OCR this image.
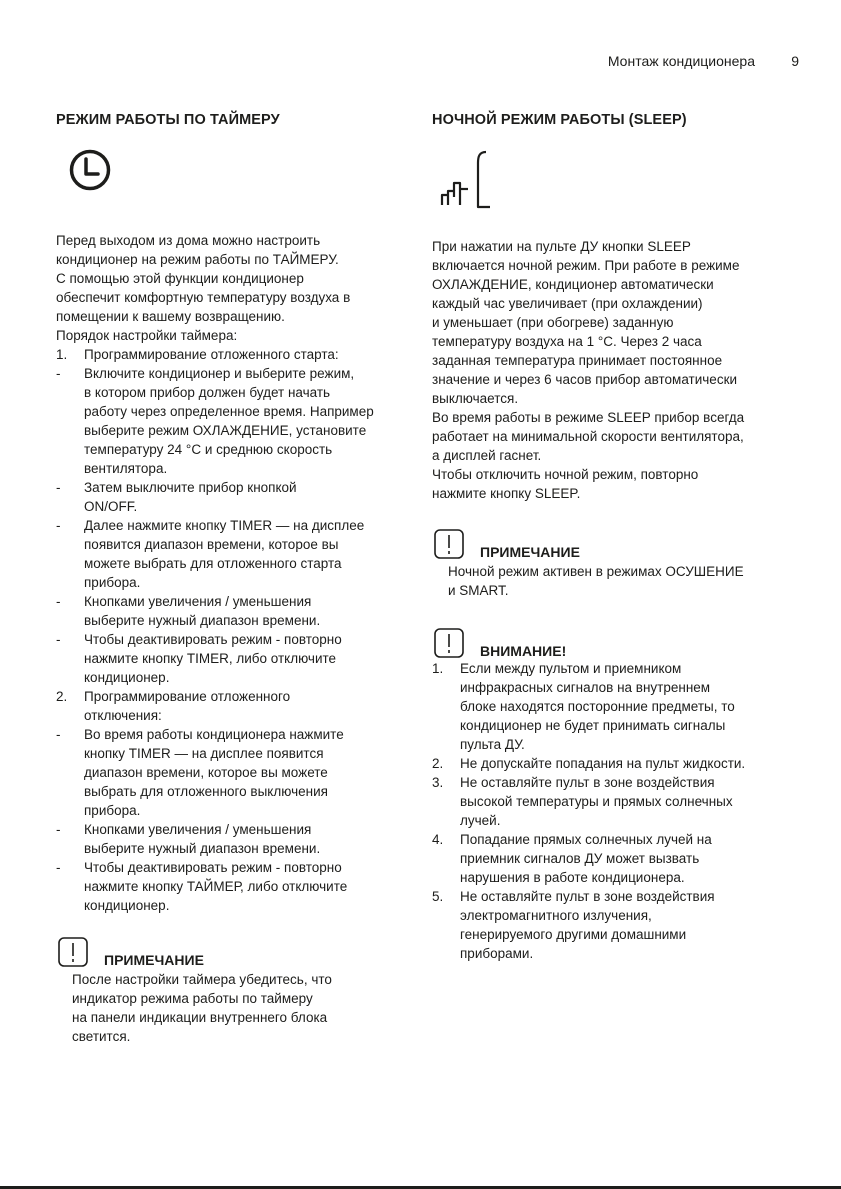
Монтаж кондиционера	9
РЕЖИМ РАБОТЫ ПО ТАЙМЕРУ
Перед выходом из дома можно настроить
кондиционер на режим работы по ТАЙМЕРУ.
С помощью этой функции кондиционер
обеспечит комфортную температуру воздуха в
помещении к вашему возвращению.
Порядок настройки таймера:
1. Программирование отложенного старта:
- Включите кондиционер и выберите режим,
в котором прибор должен будет начать
работу через определенное время. Например
выберите режим ОХЛАЖДЕНИЕ, установите
температуру 24 °С и среднюю скорость
вентилятора.
- Затем выключите прибор кнопкой
ON/OFF.
- Далее нажмите кнопку TIMER — на дисплее
появится диапазон времени, которое вы
можете выбрать для отложенного старта
прибора.
- Кнопками увеличения / уменьшения
выберите нужный диапазон времени.
- Чтобы деактивировать режим - повторно
нажмите кнопку TIMER, либо отключите
кондиционер.
2. Программирование отложенного
отключения:
- Во время работы кондиционера нажмите
кнопку TIMER — на дисплее появится
диапазон времени, которое вы можете
выбрать для отложенного выключения
прибора.
- Кнопками увеличения / уменьшения
выберите нужный диапазон времени.
- Чтобы деактивировать режим - повторно
нажмите кнопку ТАЙМЕР, либо отключите
кондиционер.
ПРИМЕЧАНИЕ
После настройки таймера убедитесь, что
индикатор режима работы по таймеру
на панели индикации внутреннего блока
светится.
НОЧНОЙ РЕЖИМ РАБОТЫ (SLEEP)
При нажатии на пульте ДУ кнопки SLEEP
включается ночной режим. При работе в режиме
ОХЛАЖДЕНИЕ, кондиционер автоматически
каждый час увеличивает (при охлаждении)
и уменьшает (при обогреве) заданную
температуру воздуха на 1 °С. Через 2 часа
заданная температура принимает постоянное
значение и через 6 часов прибор автоматически
выключается.
Во время работы в режиме SLEEP прибор всегда
работает на минимальной скорости вентилятора,
а дисплей гаснет.
Чтобы отключить ночной режим, повторно
нажмите кнопку SLEEP.
ПРИМЕЧАНИЕ
Ночной режим активен в режимах ОСУШЕНИЕ
и SMART.
ВНИМАНИЕ!
1. Если между пультом и приемником
инфракрасных сигналов на внутреннем
блоке находятся посторонние предметы, то
кондиционер не будет принимать сигналы
пульта ДУ.
2. Не допускайте попадания на пульт жидкости.
3. Не оставляйте пульт в зоне воздействия
высокой температуры и прямых солнечных
лучей.
4. Попадание прямых солнечных лучей на
приемник сигналов ДУ может вызвать
нарушения в работе кондиционера.
5. Не оставляйте пульт в зоне воздействия
электромагнитного излучения,
генерируемого другими домашними
приборами.
